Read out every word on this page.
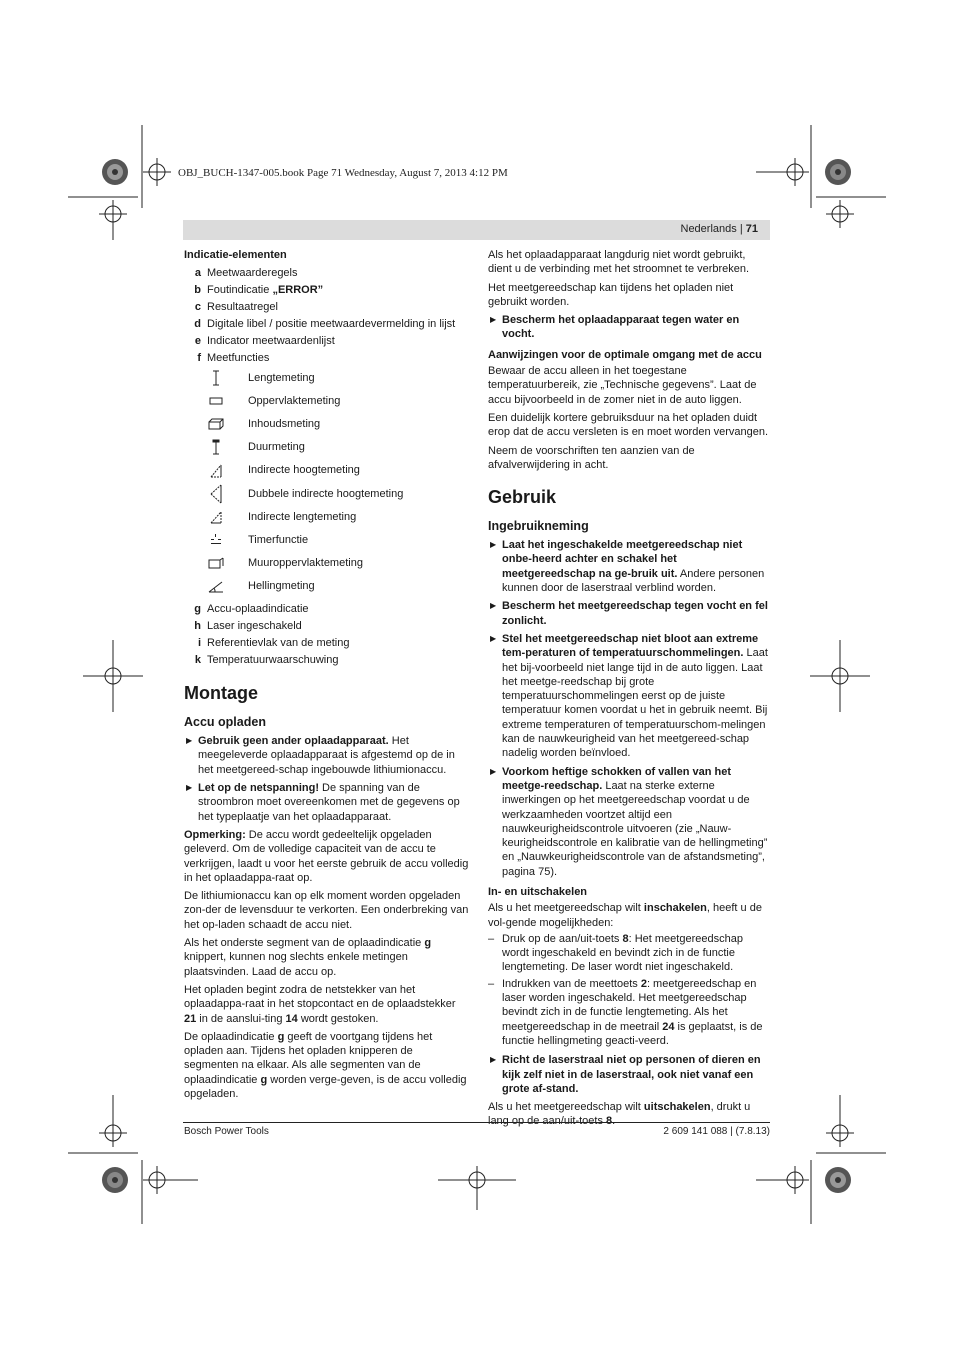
OBJ_BUCH-1347-005.book Page 71 Wednesday, August 7, 2013 4:12 PM
Nederlands | 71
Indicatie-elementen
a Meetwaarderegels
b Foutindicatie „ERROR”
c Resultaatregel
d Digitale libel / positie meetwaardevermelding in lijst
e Indicator meetwaardenlijst
f Meetfuncties
Lengtemeting
Oppervlaktemeting
Inhoudsmeting
Duurmeting
Indirecte hoogtemeting
Dubbele indirecte hoogtemeting
Indirecte lengtemeting
Timerfunctie
Muuroppervlaktemeting
Hellingmeting
g Accu-oplaadindicatie
h Laser ingeschakeld
i Referentievlak van de meting
k Temperatuurwaarschuwing
Montage
Accu opladen
▶ Gebruik geen ander oplaadapparaat. Het meegeleverde oplaadapparaat is afgestemd op de in het meetgereed-schap ingebouwde lithiumionaccu.
▶ Let op de netspanning! De spanning van de stroombron moet overeenkomen met de gegevens op het typeplaatje van het oplaadapparaat.

Opmerking: De accu wordt gedeeltelijk opgeladen geleverd. Om de volledige capaciteit van de accu te verkrijgen, laadt u voor het eerste gebruik de accu volledig in het oplaadappa-raat op.

De lithiumionaccu kan op elk moment worden opgeladen zon-der de levensduur te verkorten. Een onderbreking van het op-laden schaadt de accu niet.

Als het onderste segment van de oplaadindicatie g knippert, kunnen nog slechts enkele metingen plaatsvinden. Laad de accu op.

Het opladen begint zodra de netstekker van het oplaadappa-raat in het stopcontact en de oplaadstekker 21 in de aanslui-ting 14 wordt gestoken.

De oplaadindicatie g geeft de voortgang tijdens het opladen aan. Tijdens het opladen knipperen de segmenten na elkaar. Als alle segmenten van de oplaadindicatie g worden verge-geven, is de accu volledig opgeladen.

Als het oplaadapparaat langdurig niet wordt gebruikt, dient u de verbinding met het stroomnet te verbreken.

Het meetgereedschap kan tijdens het opladen niet gebruikt worden.

▶ Bescherm het oplaadapparaat tegen water en vocht.
Aanwijzingen voor de optimale omgang met de accu

Bewaar de accu alleen in het toegestane temperatuurbereik, zie „Technische gegevens”. Laat de accu bijvoorbeeld in de zomer niet in de auto liggen.

Een duidelijk kortere gebruiksduur na het opladen duidt erop dat de accu versleten is en moet worden vervangen.

Neem de voorschriften ten aanzien van de afvalverwijdering in acht.

Gebruik
Ingebruikneming
▶ Laat het ingeschakelde meetgereedschap niet onbe-heerd achter en schakel het meetgereedschap na ge-bruik uit. Andere personen kunnen door de laserstraal verblind worden.
▶ Bescherm het meetgereedschap tegen vocht en fel zonlicht.
▶ Stel het meetgereedschap niet bloot aan extreme tem-peraturen of temperatuurschommelingen. Laat het bij-voorbeeld niet lange tijd in de auto liggen. Laat het meetge-reedschap bij grote temperatuurschommelingen eerst op de juiste temperatuur komen voordat u het in gebruik neemt. Bij extreme temperaturen of temperatuurschom-melingen kan de nauwkeurigheid van het meetgereed-schap nadelig worden beïnvloed.
▶ Voorkom heftige schokken of vallen van het meetge-reedschap. Laat na sterke externe inwerkingen op het meetgereedschap voordat u de werkzaamheden voortzet altijd een nauwkeurigheidscontrole uitvoeren (zie „Nauw-keurigheidscontrole en kalibratie van de hellingmeting” en „Nauwkeurigheidscontrole van de afstandsmeting”, pagina 75).
In- en uitschakelen

Als u het meetgereedschap wilt inschakelen, heeft u de vol-gende mogelijkheden:

– Druk op de aan/uit-toets 8: Het meetgereedschap wordt ingeschakeld en bevindt zich in de functie lengtemeting. De laser wordt niet ingeschakeld.
– Indrukken van de meettoets 2: meetgereedschap en laser worden ingeschakeld. Het meetgereedschap bevindt zich in de functie lengtemeting. Als het meetgereedschap in de meetrail 24 is geplaatst, is de functie hellingmeting geacti-veerd.
▶ Richt de laserstraal niet op personen of dieren en kijk zelf niet in de laserstraal, ook niet vanaf een grote af-stand.

Als u het meetgereedschap wilt uitschakelen, drukt u

Bosch Power Tools	2 609 141 088 | (7.8.13)
